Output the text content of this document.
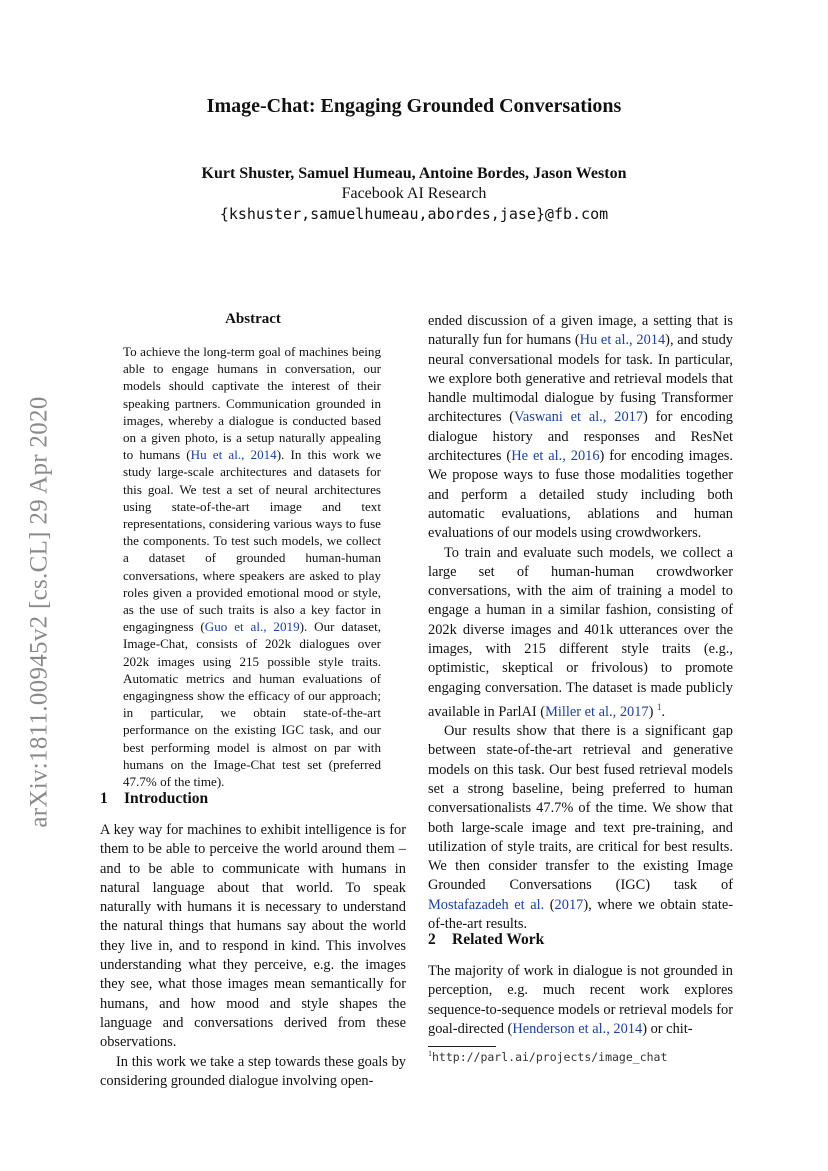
arXiv:1811.00945v2 [cs.CL] 29 Apr 2020
Image-Chat: Engaging Grounded Conversations
Kurt Shuster, Samuel Humeau, Antoine Bordes, Jason Weston
Facebook AI Research
{kshuster,samuelhumeau,abordes,jase}@fb.com
Abstract
To achieve the long-term goal of machines being able to engage humans in conversation, our models should captivate the interest of their speaking partners. Communication grounded in images, whereby a dialogue is conducted based on a given photo, is a setup naturally appealing to humans (Hu et al., 2014). In this work we study large-scale architectures and datasets for this goal. We test a set of neural architectures using state-of-the-art image and text representations, considering various ways to fuse the components. To test such models, we collect a dataset of grounded human-human conversations, where speakers are asked to play roles given a provided emotional mood or style, as the use of such traits is also a key factor in engagingness (Guo et al., 2019). Our dataset, Image-Chat, consists of 202k dialogues over 202k images using 215 possible style traits. Automatic metrics and human evaluations of engagingness show the efficacy of our approach; in particular, we obtain state-of-the-art performance on the existing IGC task, and our best performing model is almost on par with humans on the Image-Chat test set (preferred 47.7% of the time).
1 Introduction

A key way for machines to exhibit intelligence is for them to be able to perceive the world around them – and to be able to communicate with humans in natural language about that world. To speak naturally with humans it is necessary to understand the natural things that humans say about the world they live in, and to respond in kind. This involves understanding what they perceive, e.g. the images they see, what those images mean semantically for humans, and how mood and style shapes the language and conversations derived from these observations.

In this work we take a step towards these goals by considering grounded dialogue involving open-

ended discussion of a given image, a setting that is naturally fun for humans (Hu et al., 2014), and study neural conversational models for task. In particular, we explore both generative and retrieval models that handle multimodal dialogue by fusing Transformer architectures (Vaswani et al., 2017) for encoding dialogue history and responses and ResNet architectures (He et al., 2016) for encoding images. We propose ways to fuse those modalities together and perform a detailed study including both automatic evaluations, ablations and human evaluations of our models using crowdworkers.

To train and evaluate such models, we collect a large set of human-human crowdworker conversations, with the aim of training a model to engage a human in a similar fashion, consisting of 202k diverse images and 401k utterances over the images, with 215 different style traits (e.g., optimistic, skeptical or frivolous) to promote engaging conversation. The dataset is made publicly available in ParlAI (Miller et al., 2017) $^1$.

Our results show that there is a significant gap between state-of-the-art retrieval and generative models on this task. Our best fused retrieval models set a strong baseline, being preferred to human conversationalists 47.7% of the time. We show that both large-scale image and text pre-training, and utilization of style traits, are critical for best results. We then consider transfer to the existing Image Grounded Conversations (IGC) task of Mostafazadeh et al. (2017), where we obtain state-of-the-art results.

2 Related Work

The majority of work in dialogue is not grounded in perception, e.g. much recent work explores sequence-to-sequence models or retrieval models for goal-directed (Henderson et al., 2014) or chit-

$^1$http://parl.ai/projects/image_chat
